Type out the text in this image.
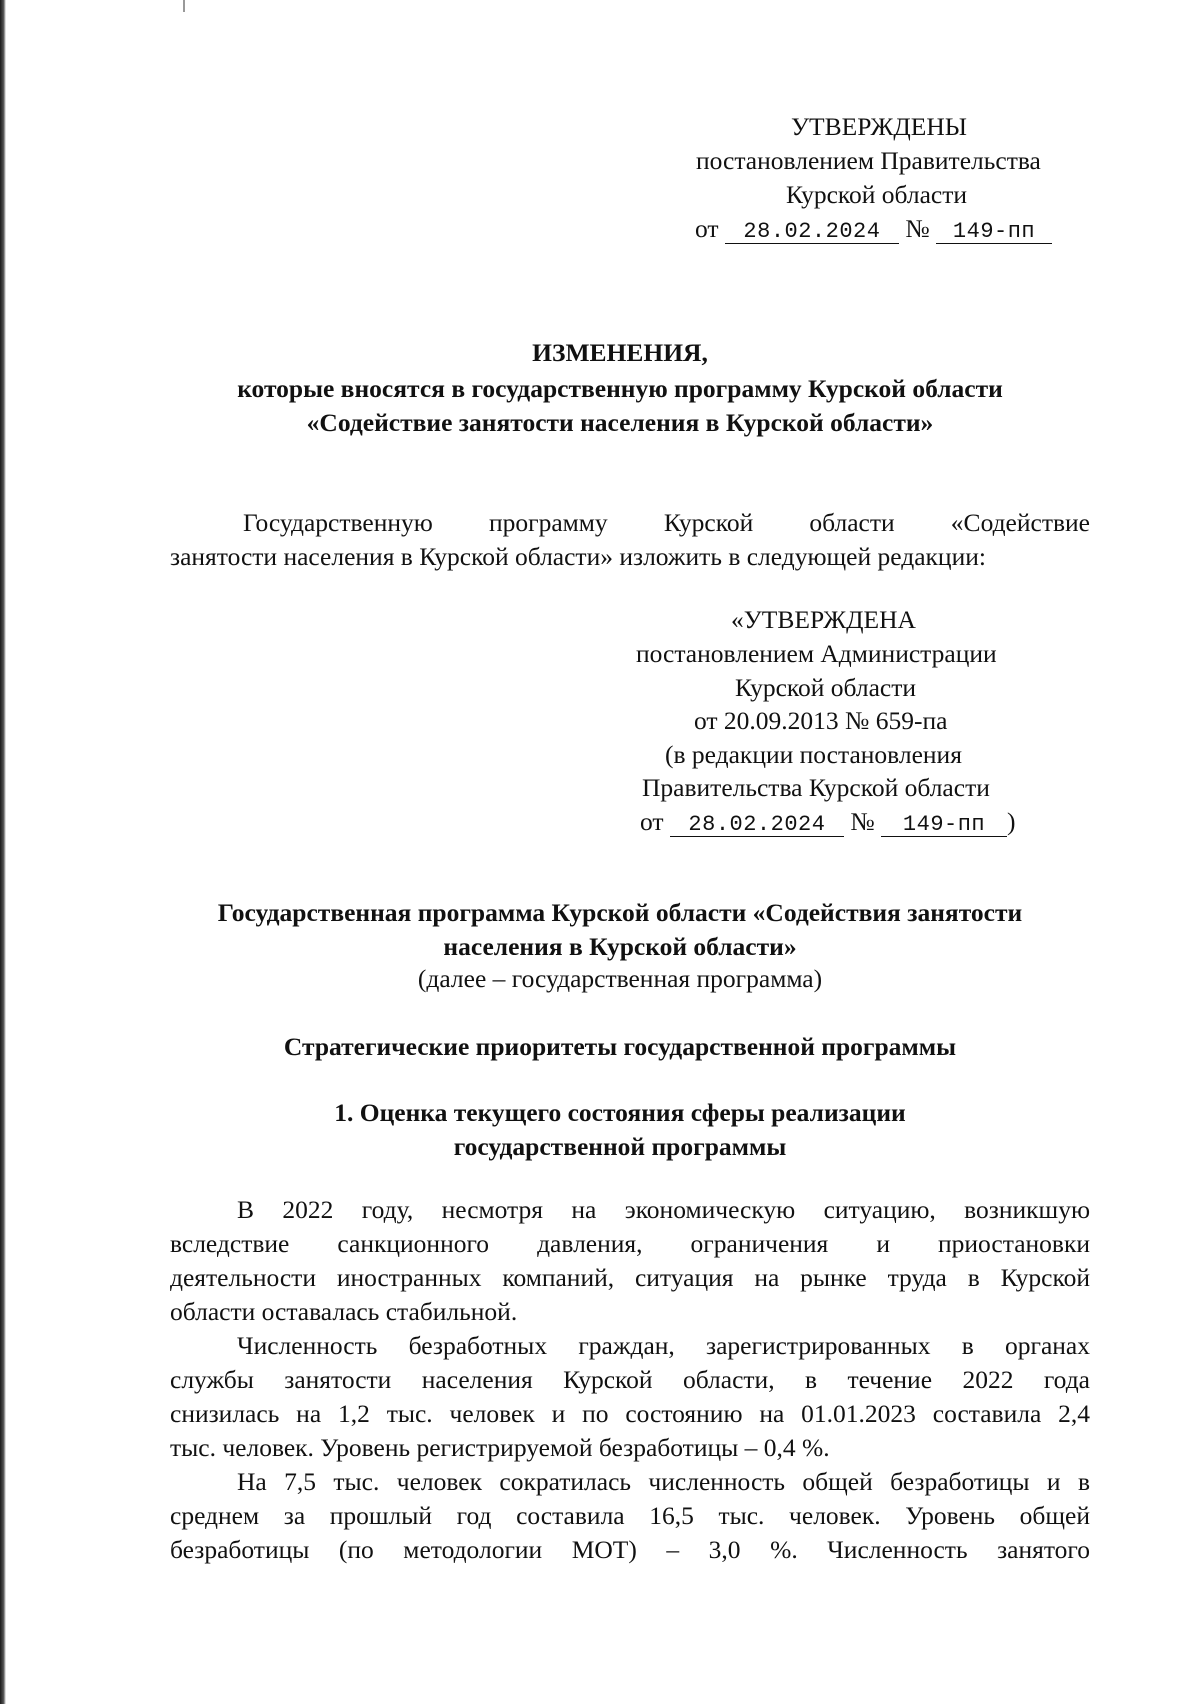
УТВЕРЖДЕНЫ
постановлением Правительства
Курской области
от 28.02.2024 № 149-пп
ИЗМЕНЕНИЯ,
которые вносятся в государственную программу Курской области
«Содействие занятости населения в Курской области»
Государственную программу Курской области «Содействие
занятости населения в Курской области» изложить в следующей редакции:
«УТВЕРЖДЕНА
постановлением Администрации
Курской области
от 20.09.2013 № 659-па
(в редакции постановления
Правительства Курской области
от 28.02.2024 № 149-пп )
Государственная программа Курской области «Содействия занятости
населения в Курской области»
(далее – государственная программа)
Стратегические приоритеты государственной программы
1. Оценка текущего состояния сферы реализации
государственной программы
В 2022 году, несмотря на экономическую ситуацию, возникшую
вследствие санкционного давления, ограничения и приостановки
деятельности иностранных компаний, ситуация на рынке труда в Курской
области оставалась стабильной.
Численность безработных граждан, зарегистрированных в органах
службы занятости населения Курской области, в течение 2022 года
снизилась на 1,2 тыс. человек и по состоянию на 01.01.2023 составила 2,4
тыс. человек. Уровень регистрируемой безработицы – 0,4 %.
На 7,5 тыс. человек сократилась численность общей безработицы и в
среднем за прошлый год составила 16,5 тыс. человек. Уровень общей
безработицы (по методологии МОТ) – 3,0 %. Численность занятого
